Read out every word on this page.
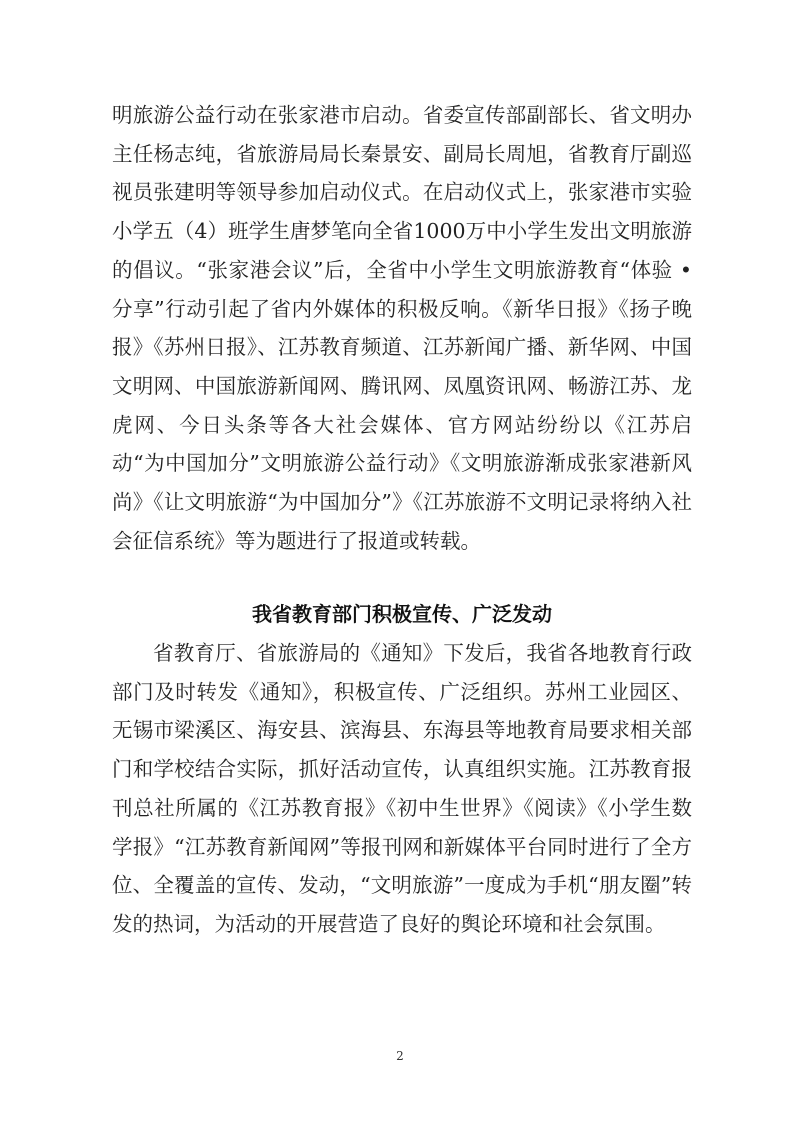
明旅游公益行动在张家港市启动。省委宣传部副部长、省文明办主任杨志纯，省旅游局局长秦景安、副局长周旭，省教育厅副巡视员张建明等领导参加启动仪式。在启动仪式上，张家港市实验小学五（4）班学生唐梦笔向全省1000万中小学生发出文明旅游的倡议。“张家港会议”后，全省中小学生文明旅游教育“体验 • 分享”行动引起了省内外媒体的积极反响。《新华日报》《扬子晚报》《苏州日报》、江苏教育频道、江苏新闻广播、新华网、中国文明网、中国旅游新闻网、腾讯网、凤凰资讯网、畅游江苏、龙虎网、今日头条等各大社会媒体、官方网站纷纷以《江苏启动“为中国加分”文明旅游公益行动》《文明旅游渐成张家港新风尚》《让文明旅游“为中国加分”》《江苏旅游不文明记录将纳入社会征信系统》等为题进行了报道或转载。

我省教育部门积极宣传、广泛发动

省教育厅、省旅游局的《通知》下发后，我省各地教育行政部门及时转发《通知》，积极宣传、广泛组织。苏州工业园区、无锡市梁溪区、海安县、滨海县、东海县等地教育局要求相关部门和学校结合实际，抓好活动宣传，认真组织实施。江苏教育报刊总社所属的《江苏教育报》《初中生世界》《阅读》《小学生数学报》“江苏教育新闻网”等报刊网和新媒体平台同时进行了全方位、全覆盖的宣传、发动，“文明旅游”一度成为手机“朋友圈”转发的热词，为活动的开展营造了良好的舆论环境和社会氛围。

2
